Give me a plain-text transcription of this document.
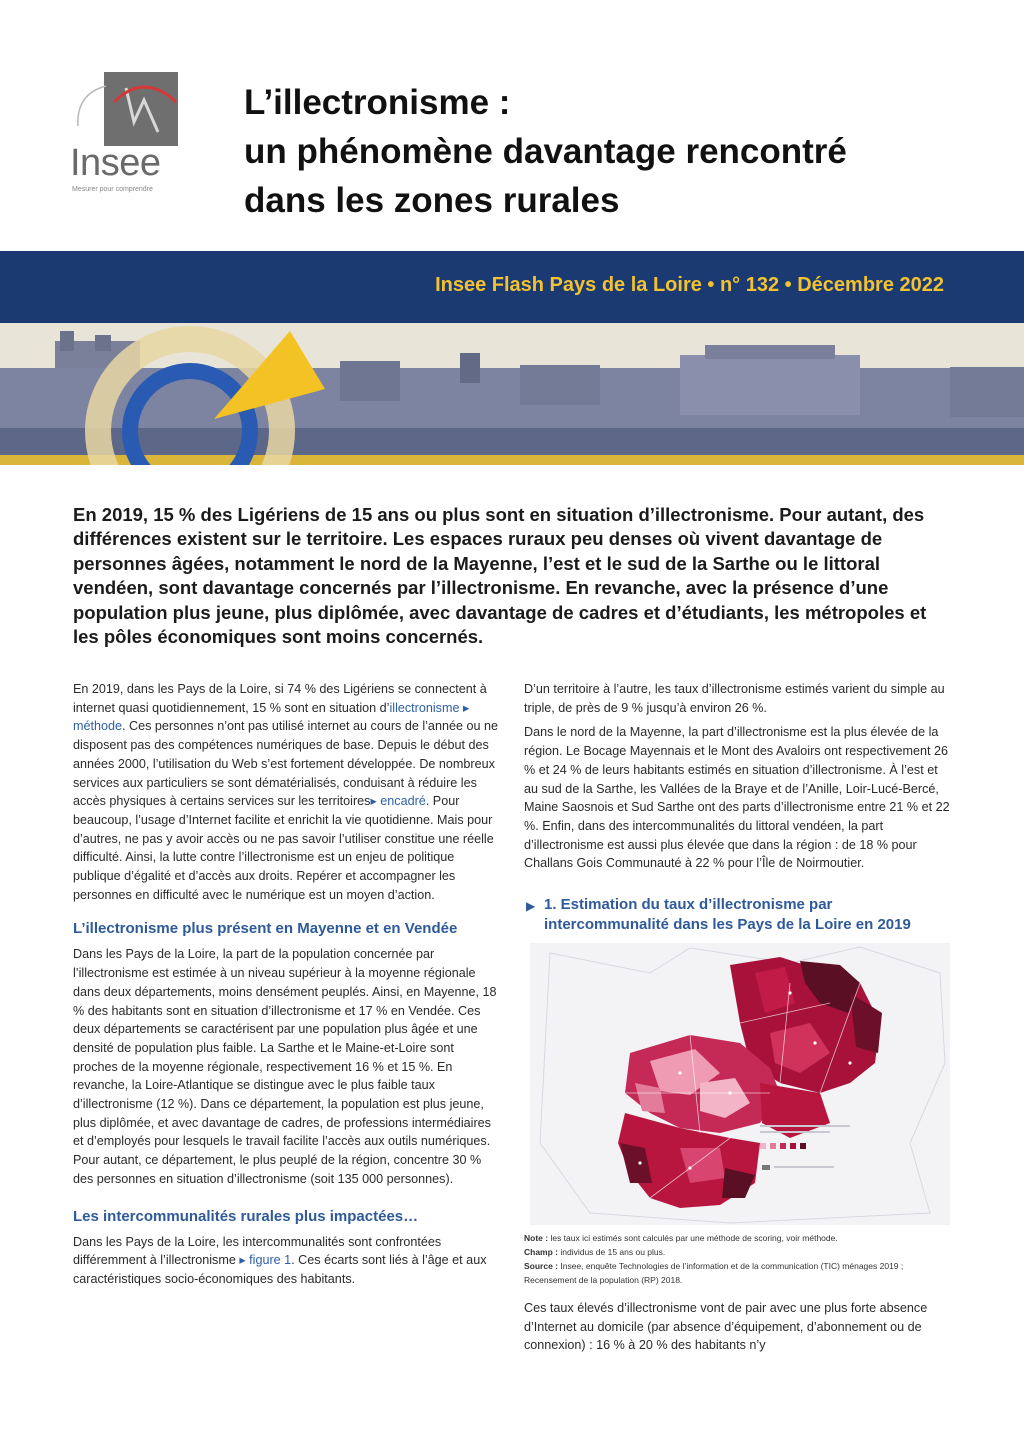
Insee
Mesurer pour comprendre
L’illectronisme :
un phénomène davantage rencontré
dans les zones rurales
Insee Flash Pays de la Loire • n° 132 • Décembre 2022
En 2019, 15 % des Ligériens de 15 ans ou plus sont en situation d’illectronisme. Pour autant, des différences existent sur le territoire. Les espaces ruraux peu denses où vivent davantage de personnes âgées, notamment le nord de la Mayenne, l’est et le sud de la Sarthe ou le littoral vendéen, sont davantage concernés par l’illectronisme. En revanche, avec la présence d’une population plus jeune, plus diplômée, avec davantage de cadres et d’étudiants, les métropoles et les pôles économiques sont moins concernés.

En 2019, dans les Pays de la Loire, si 74 % des Ligériens se connectent à internet quasi quotidiennement, 15 % sont en situation d’illectronisme ▸ méthode. Ces personnes n’ont pas utilisé internet au cours de l’année ou ne disposent pas des compétences numériques de base. Depuis le début des années 2000, l’utilisation du Web s’est fortement développée. De nombreux services aux particuliers se sont dématérialisés, conduisant à réduire les accès physiques à certains services sur les territoires▸ encadré. Pour beaucoup, l’usage d’Internet facilite et enrichit la vie quotidienne. Mais pour d’autres, ne pas y avoir accès ou ne pas savoir l’utiliser constitue une réelle difficulté. Ainsi, la lutte contre l’illectronisme est un enjeu de politique publique d’égalité et d’accès aux droits. Repérer et accompagner les personnes en difficulté avec le numérique est un moyen d’action.

L’illectronisme plus présent en Mayenne et en Vendée

Dans les Pays de la Loire, la part de la population concernée par l’illectronisme est estimée à un niveau supérieur à la moyenne régionale dans deux départements, moins densément peuplés. Ainsi, en Mayenne, 18 % des habitants sont en situation d’illectronisme et 17 % en Vendée. Ces deux départements se caractérisent par une population plus âgée et une densité de population plus faible. La Sarthe et le Maine-et-Loire sont proches de la moyenne régionale, respectivement 16 % et 15 %. En revanche, la Loire-Atlantique se distingue avec le plus faible taux d’illectronisme (12 %). Dans ce département, la population est plus jeune, plus diplômée, et avec davantage de cadres, de professions intermédiaires et d’employés pour lesquels le travail facilite l’accès aux outils numériques. Pour autant, ce département, le plus peuplé de la région, concentre 30 % des personnes en situation d’illectronisme (soit 135 000 personnes).

Les intercommunalités rurales plus impactées…

Dans les Pays de la Loire, les intercommunalités sont confrontées différemment à l’illectronisme ▸ figure 1. Ces écarts sont liés à l’âge et aux caractéristiques socio-économiques des habitants.

D’un territoire à l’autre, les taux d’illectronisme estimés varient du simple au triple, de près de 9 % jusqu’à environ 26 %.

Dans le nord de la Mayenne, la part d’illectronisme est la plus élevée de la région. Le Bocage Mayennais et le Mont des Avaloirs ont respectivement 26 % et 24 % de leurs habitants estimés en situation d’illectronisme. À l’est et au sud de la Sarthe, les Vallées de la Braye et de l’Anille, Loir-Lucé-Bercé, Maine Saosnois et Sud Sarthe ont des parts d’illectronisme entre 21 % et 22 %. Enfin, dans des intercommunalités du littoral vendéen, la part d’illectronisme est aussi plus élevée que dans la région : de 18 % pour Challans Gois Communauté à 22 % pour l’Île de Noirmoutier.

▶ 1. Estimation du taux d’illectronisme par intercommunalité dans les Pays de la Loire en 2019
Note : les taux ici estimés sont calculés par une méthode de scoring, voir méthode.
Champ : individus de 15 ans ou plus.
Source : Insee, enquête Technologies de l’information et de la communication (TIC) ménages 2019 ; Recensement de la population (RP) 2018.

Ces taux élevés d’illectronisme vont de pair avec une plus forte absence d’Internet au domicile (par absence d’équipement, d’abonnement ou de connexion) : 16 % à 20 % des habitants n’y
